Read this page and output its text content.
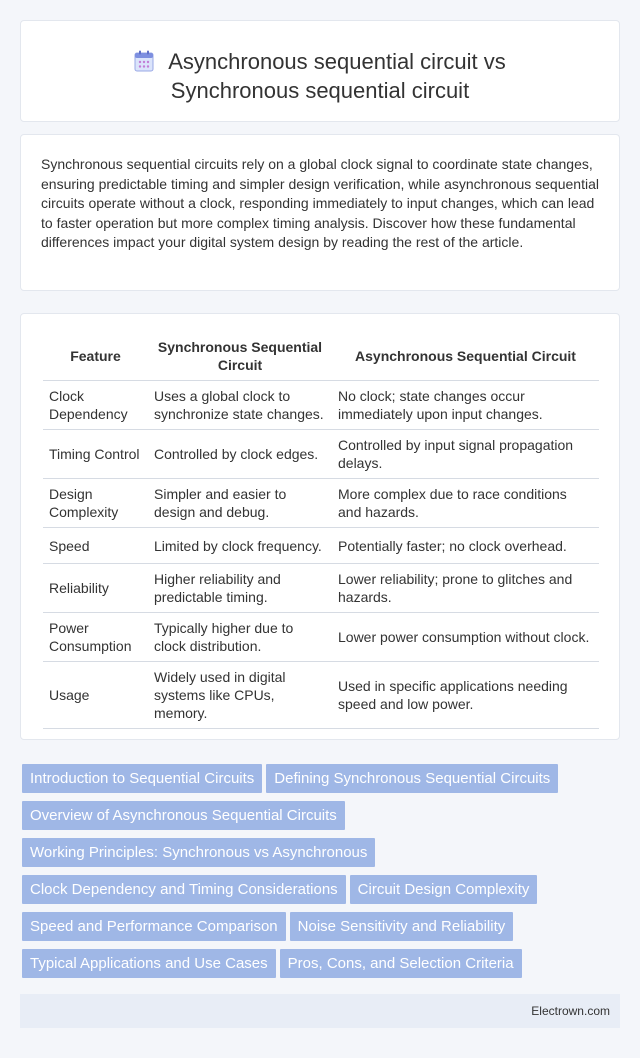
Asynchronous sequential circuit vs
Synchronous sequential circuit
Synchronous sequential circuits rely on a global clock signal to coordinate state changes, ensuring predictable timing and simpler design verification, while asynchronous sequential circuits operate without a clock, responding immediately to input changes, which can lead to faster operation but more complex timing analysis. Discover how these fundamental differences impact your digital system design by reading the rest of the article.
Feature	Synchronous Sequential Circuit	Asynchronous Sequential Circuit
Clock Dependency	Uses a global clock to synchronize state changes.	No clock; state changes occur immediately upon input changes.
Timing Control	Controlled by clock edges.	Controlled by input signal propagation delays.
Design Complexity	Simpler and easier to design and debug.	More complex due to race conditions and hazards.
Speed	Limited by clock frequency.	Potentially faster; no clock overhead.
Reliability	Higher reliability and predictable timing.	Lower reliability; prone to glitches and hazards.
Power Consumption	Typically higher due to clock distribution.	Lower power consumption without clock.
Usage	Widely used in digital systems like CPUs, memory.	Used in specific applications needing speed and low power.
Introduction to Sequential Circuits Defining Synchronous Sequential Circuits
Overview of Asynchronous Sequential Circuits
Working Principles: Synchronous vs Asynchronous
Clock Dependency and Timing Considerations Circuit Design Complexity
Speed and Performance Comparison Noise Sensitivity and Reliability
Typical Applications and Use Cases Pros, Cons, and Selection Criteria
Electrown.com
